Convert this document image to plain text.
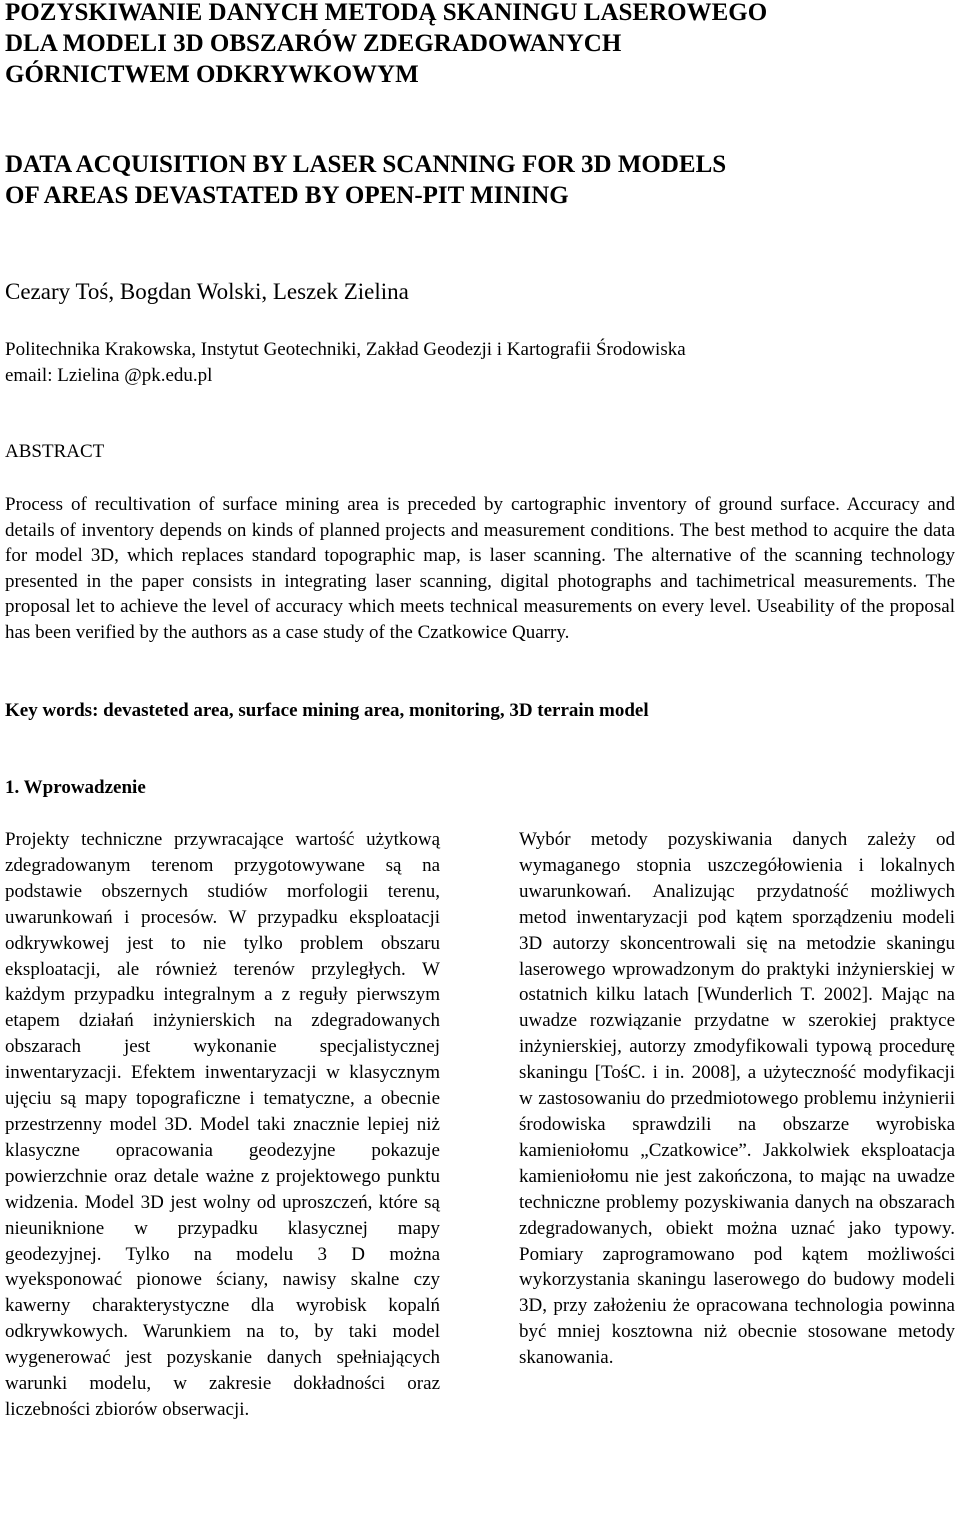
POZYSKIWANIE DANYCH METODĄ SKANINGU LASEROWEGO
DLA MODELI 3D OBSZARÓW ZDEGRADOWANYCH
GÓRNICTWEM ODKRYWKOWYM
DATA ACQUISITION BY LASER SCANNING FOR 3D MODELS
OF AREAS DEVASTATED BY OPEN-PIT MINING
Cezary Toś, Bogdan Wolski, Leszek Zielina
Politechnika Krakowska, Instytut Geotechniki, Zakład Geodezji i Kartografii Środowiska
email: Lzielina @pk.edu.pl
ABSTRACT
Process of recultivation of surface mining area is preceded by cartographic inventory of ground surface. Accuracy and details of inventory depends on kinds of planned projects and measurement conditions. The best method to acquire the data for model 3D, which replaces standard topographic map, is laser scanning. The alternative of the scanning technology presented in the paper consists in integrating laser scanning, digital photographs and tachimetrical measurements. The proposal let to achieve the level of accuracy which meets technical measurements on every level. Useability of the proposal has been verified by the authors as a case study of the Czatkowice Quarry.
Key words: devasteted area, surface mining area, monitoring, 3D terrain model
1. Wprowadzenie
Projekty techniczne przywracające wartość użytkową zdegradowanym terenom przygotowywane są na podstawie obszernych studiów morfologii terenu, uwarunkowań i procesów. W przypadku eksploatacji odkrywkowej jest to nie tylko problem obszaru eksploatacji, ale również terenów przyległych. W każdym przypadku integralnym a z reguły pierwszym etapem działań inżynierskich na zdegradowanych obszarach jest wykonanie specjalistycznej inwentaryzacji. Efektem inwentaryzacji w klasycznym ujęciu są mapy topograficzne i tematyczne, a obecnie przestrzenny model 3D. Model taki znacznie lepiej niż klasyczne opracowania geodezyjne pokazuje powierzchnie oraz detale ważne z projektowego punktu widzenia. Model 3D jest wolny od uproszczeń, które są nieuniknione w przypadku klasycznej mapy geodezyjnej. Tylko na modelu 3 D można wyeksponować pionowe ściany, nawisy skalne czy kawerny charakterystyczne dla wyrobisk kopalń odkrywkowych. Warunkiem na to, by taki model wygenerować jest pozyskanie danych spełniających warunki modelu, w zakresie dokładności oraz liczebności zbiorów obserwacji.
Wybór metody pozyskiwania danych zależy od wymaganego stopnia uszczegółowienia i lokalnych uwarunkowań. Analizując przydatność możliwych metod inwentaryzacji pod kątem sporządzeniu modeli 3D autorzy skoncentrowali się na metodzie skaningu laserowego wprowadzonym do praktyki inżynierskiej w ostatnich kilku latach [Wunderlich T. 2002]. Mając na uwadze rozwiązanie przydatne w szerokiej praktyce inżynierskiej, autorzy zmodyfikowali typową procedurę skaningu [TośC. i in. 2008], a użyteczność modyfikacji w zastosowaniu do przedmiotowego problemu inżynierii środowiska sprawdzili na obszarze wyrobiska kamieniołomu „Czatkowice”. Jakkolwiek eksploatacja kamieniołomu nie jest zakończona, to mając na uwadze techniczne problemy pozyskiwania danych na obszarach zdegradowanych, obiekt można uznać jako typowy. Pomiary zaprogramowano pod kątem możliwości wykorzystania skaningu laserowego do budowy modeli 3D, przy założeniu że opracowana technologia powinna być mniej kosztowna niż obecnie stosowane metody skanowania.
